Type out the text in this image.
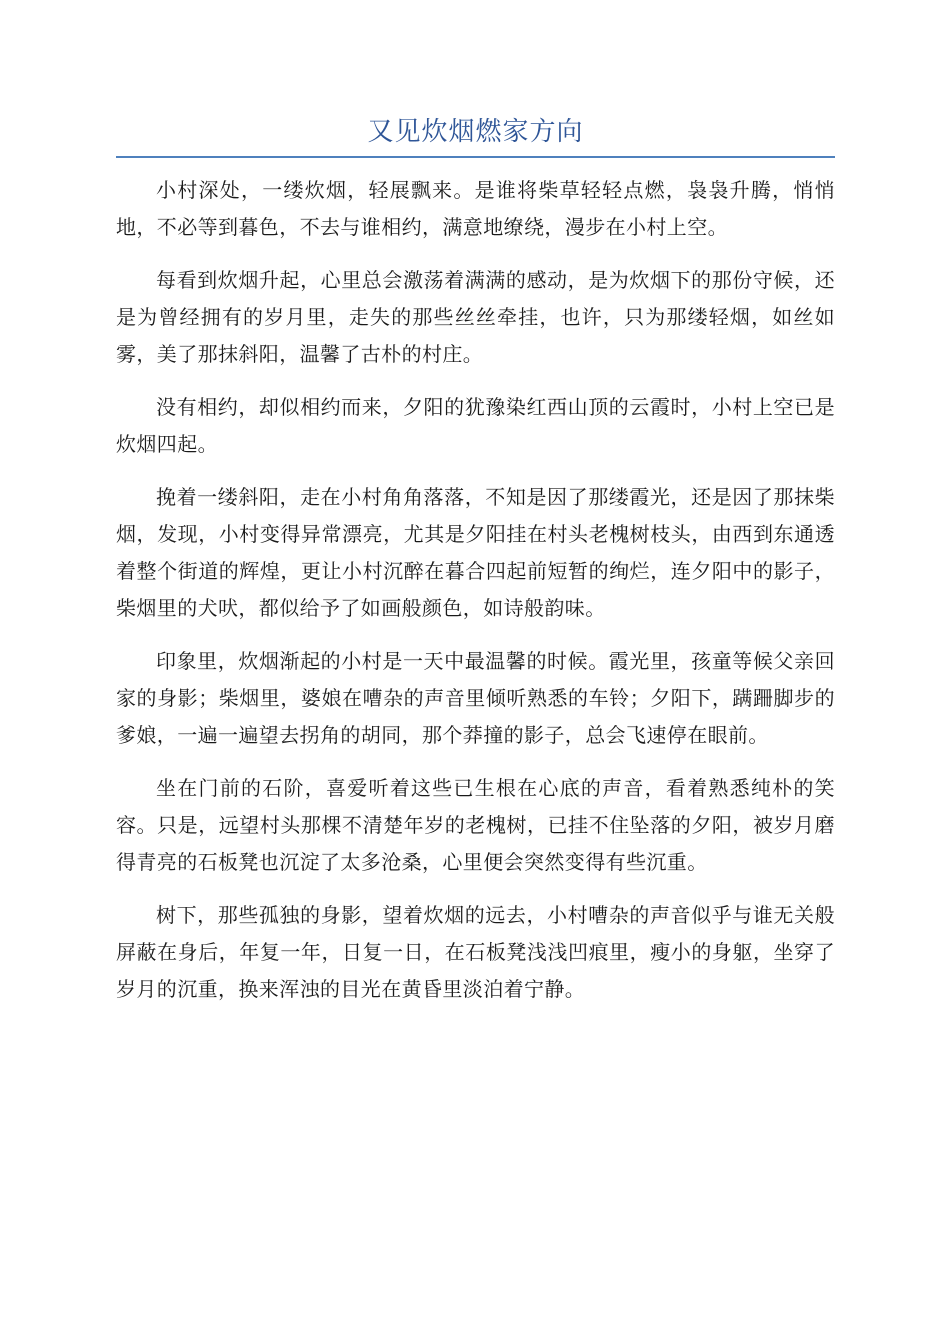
又见炊烟燃家方向

小村深处，一缕炊烟，轻展飘来。是谁将柴草轻轻点燃，袅袅升腾，悄悄地，不必等到暮色，不去与谁相约，满意地缭绕，漫步在小村上空。

每看到炊烟升起，心里总会激荡着满满的感动，是为炊烟下的那份守候，还是为曾经拥有的岁月里，走失的那些丝丝牵挂，也许，只为那缕轻烟，如丝如雾，美了那抹斜阳，温馨了古朴的村庄。

没有相约，却似相约而来，夕阳的犹豫染红西山顶的云霞时，小村上空已是炊烟四起。

挽着一缕斜阳，走在小村角角落落，不知是因了那缕霞光，还是因了那抹柴烟，发现，小村变得异常漂亮，尤其是夕阳挂在村头老槐树枝头，由西到东通透着整个街道的辉煌，更让小村沉醉在暮合四起前短暂的绚烂，连夕阳中的影子，柴烟里的犬吠，都似给予了如画般颜色，如诗般韵味。

印象里，炊烟渐起的小村是一天中最温馨的时候。霞光里，孩童等候父亲回家的身影；柴烟里，婆娘在嘈杂的声音里倾听熟悉的车铃；夕阳下，蹒跚脚步的爹娘，一遍一遍望去拐角的胡同，那个莽撞的影子，总会飞速停在眼前。

坐在门前的石阶，喜爱听着这些已生根在心底的声音，看着熟悉纯朴的笑容。只是，远望村头那棵不清楚年岁的老槐树，已挂不住坠落的夕阳，被岁月磨得青亮的石板凳也沉淀了太多沧桑，心里便会突然变得有些沉重。

树下，那些孤独的身影，望着炊烟的远去，小村嘈杂的声音似乎与谁无关般屏蔽在身后，年复一年，日复一日，在石板凳浅浅凹痕里，瘦小的身躯，坐穿了岁月的沉重，换来浑浊的目光在黄昏里淡泊着宁静。
